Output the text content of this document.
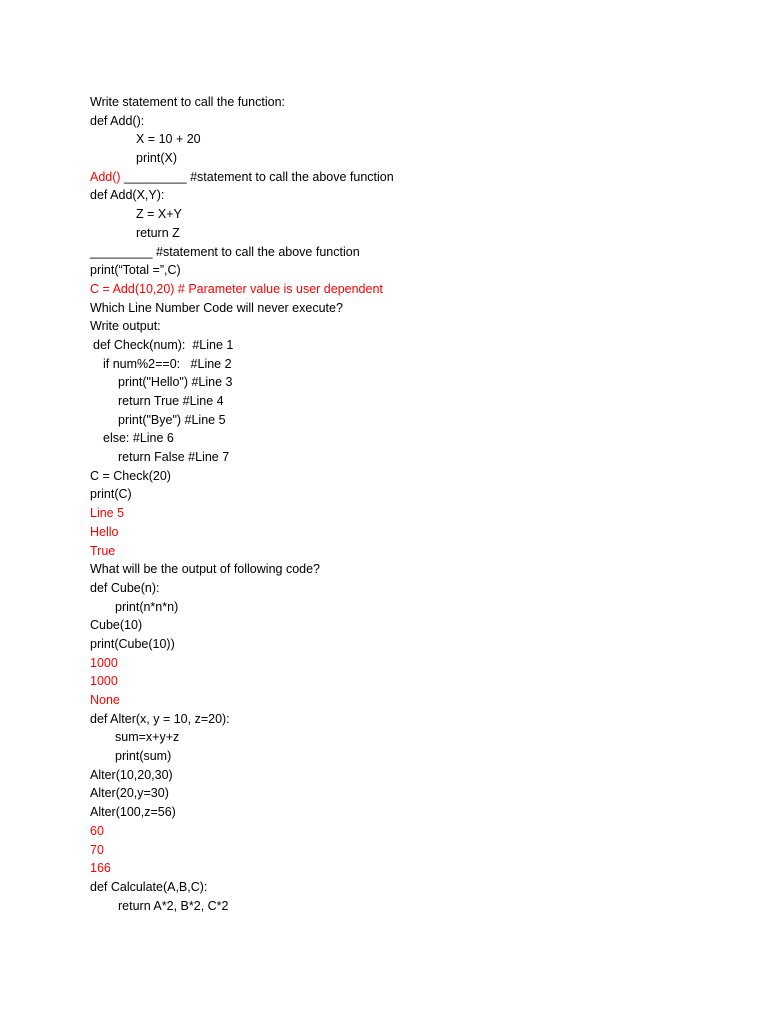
Write statement to call the function:
def Add():
X = 10 + 20
print(X)
Add() _________ #statement to call the above function
def Add(X,Y):
Z = X+Y
return Z
_________ #statement to call the above function
print(“Total =”,C)
C = Add(10,20) # Parameter value is user dependent
Which Line Number Code will never execute?
Write output:
def Check(num):  #Line 1
if num%2==0:   #Line 2
print("Hello") #Line 3
return True #Line 4
print("Bye") #Line 5
else: #Line 6
return False #Line 7
C = Check(20)
print(C)
Line 5
Hello
True
What will be the output of following code?
def Cube(n):
print(n*n*n)
Cube(10)
print(Cube(10))
1000
1000
None
def Alter(x, y = 10, z=20):
sum=x+y+z
print(sum)
Alter(10,20,30)
Alter(20,y=30)
Alter(100,z=56)
60
70
166
def Calculate(A,B,C):
return A*2, B*2, C*2
